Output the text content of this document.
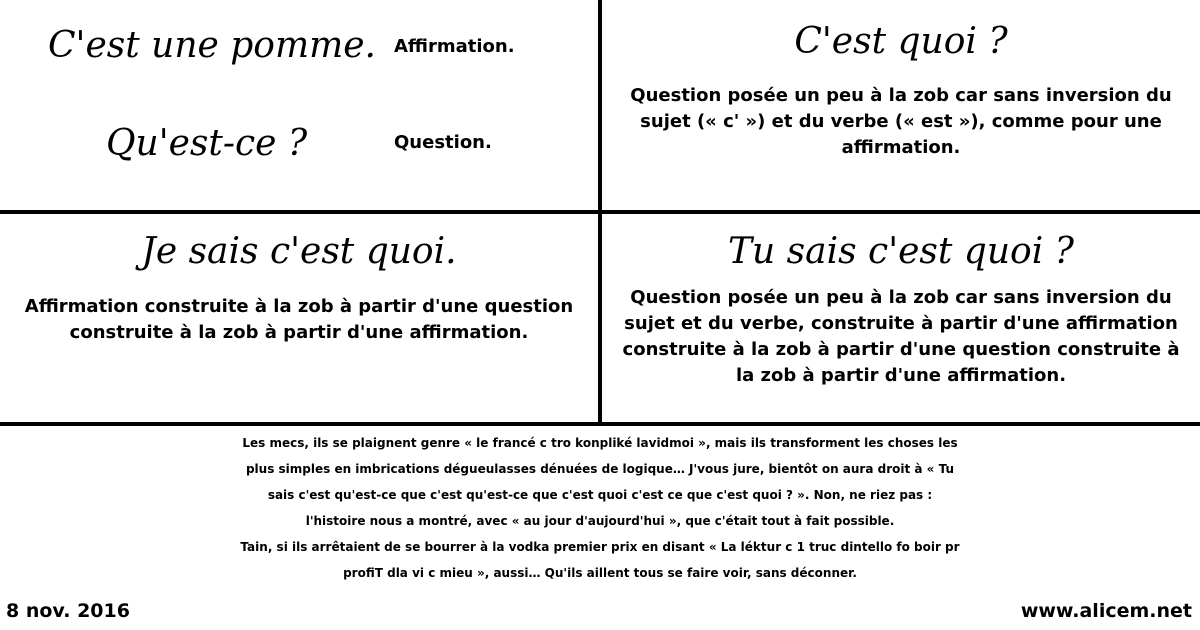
C'est une pomme. Affirmation.
Qu'est-ce ?	Question.
C'est quoi ?
Question posée un peu à la zob car sans inversion du
sujet (« c' ») et du verbe (« est »), comme pour une
affirmation.
Je sais c'est quoi.
Affirmation construite à la zob à partir d'une question
construite à la zob à partir d'une affirmation.
Tu sais c'est quoi ?
Question posée un peu à la zob car sans inversion du
sujet et du verbe, construite à partir d'une affirmation
construite à la zob à partir d'une question construite à
la zob à partir d'une affirmation.
Les mecs, ils se plaignent genre « le francé c tro konpliké lavidmoi », mais ils transforment les choses les
plus simples en imbrications dégueulasses dénuées de logique… J'vous jure, bientôt on aura droit à « Tu
sais c'est qu'est-ce que c'est qu'est-ce que c'est quoi c'est ce que c'est quoi ? ». Non, ne riez pas :
l'histoire nous a montré, avec « au jour d'aujourd'hui », que c'était tout à fait possible.
Tain, si ils arrêtaient de se bourrer à la vodka premier prix en disant « La léktur c 1 truc dintello fo boir pr
profiT dla vi c mieu », aussi… Qu'ils aillent tous se faire voir, sans déconner.
8 nov. 2016	www.alicem.net
